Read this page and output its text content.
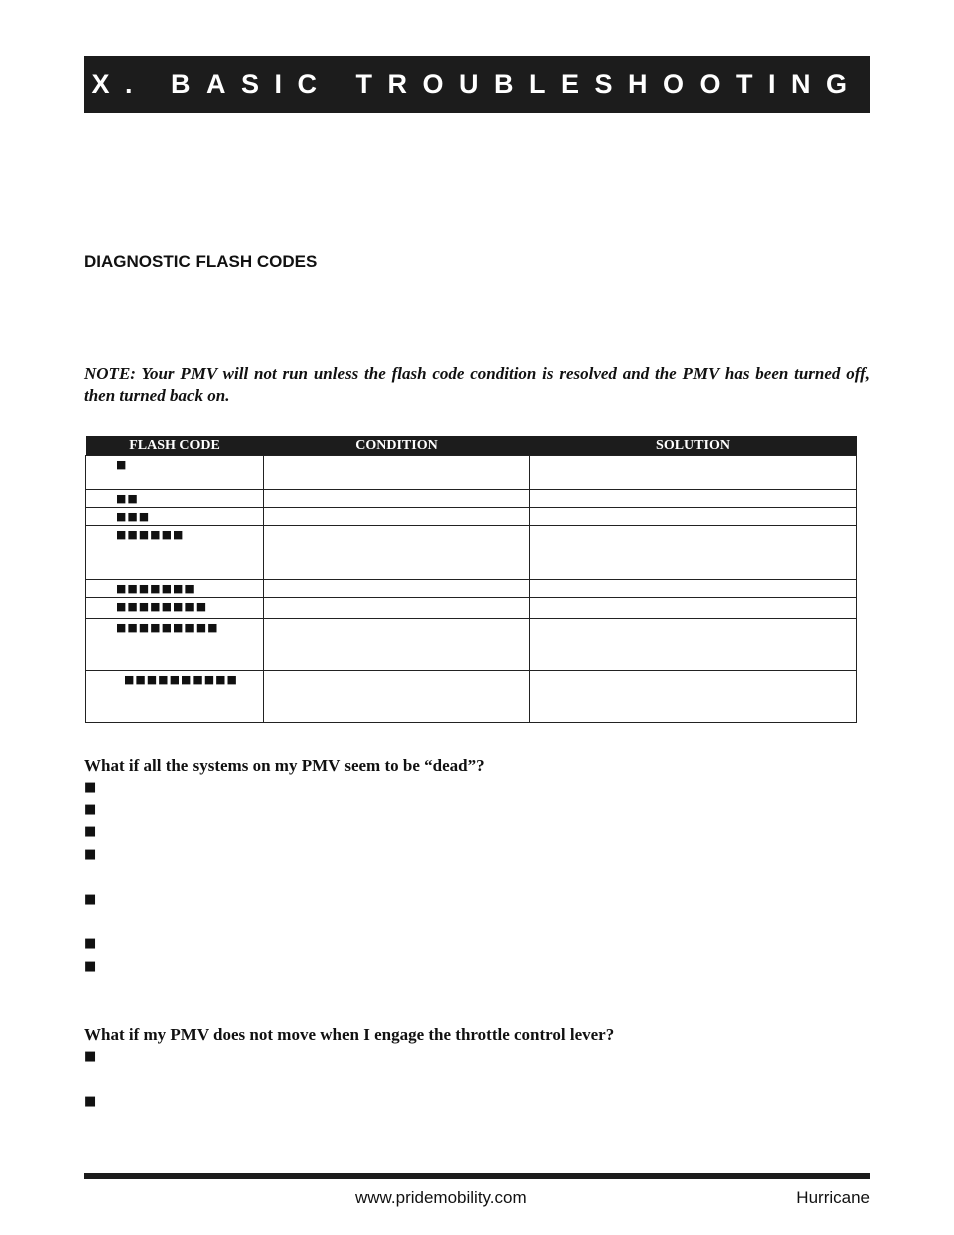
X. BASIC TROUBLESHOOTING
DIAGNOSTIC FLASH CODES
NOTE: Your PMV will not run unless the flash code condition is resolved and the PMV has been turned off, then turned back on.
FLASH CODE	CONDITION	SOLUTION
■		
■■		
■■■		
■■■■■■		
■■■■■■■		
■■■■■■■■		
■■■■■■■■■		
■■■■■■■■■■		
What if all the systems on my PMV seem to be “dead”?
■
■
■
■
■
■
■
What if my PMV does not move when I engage the throttle control lever?
■
■
www.pridemobility.com	Hurricane
